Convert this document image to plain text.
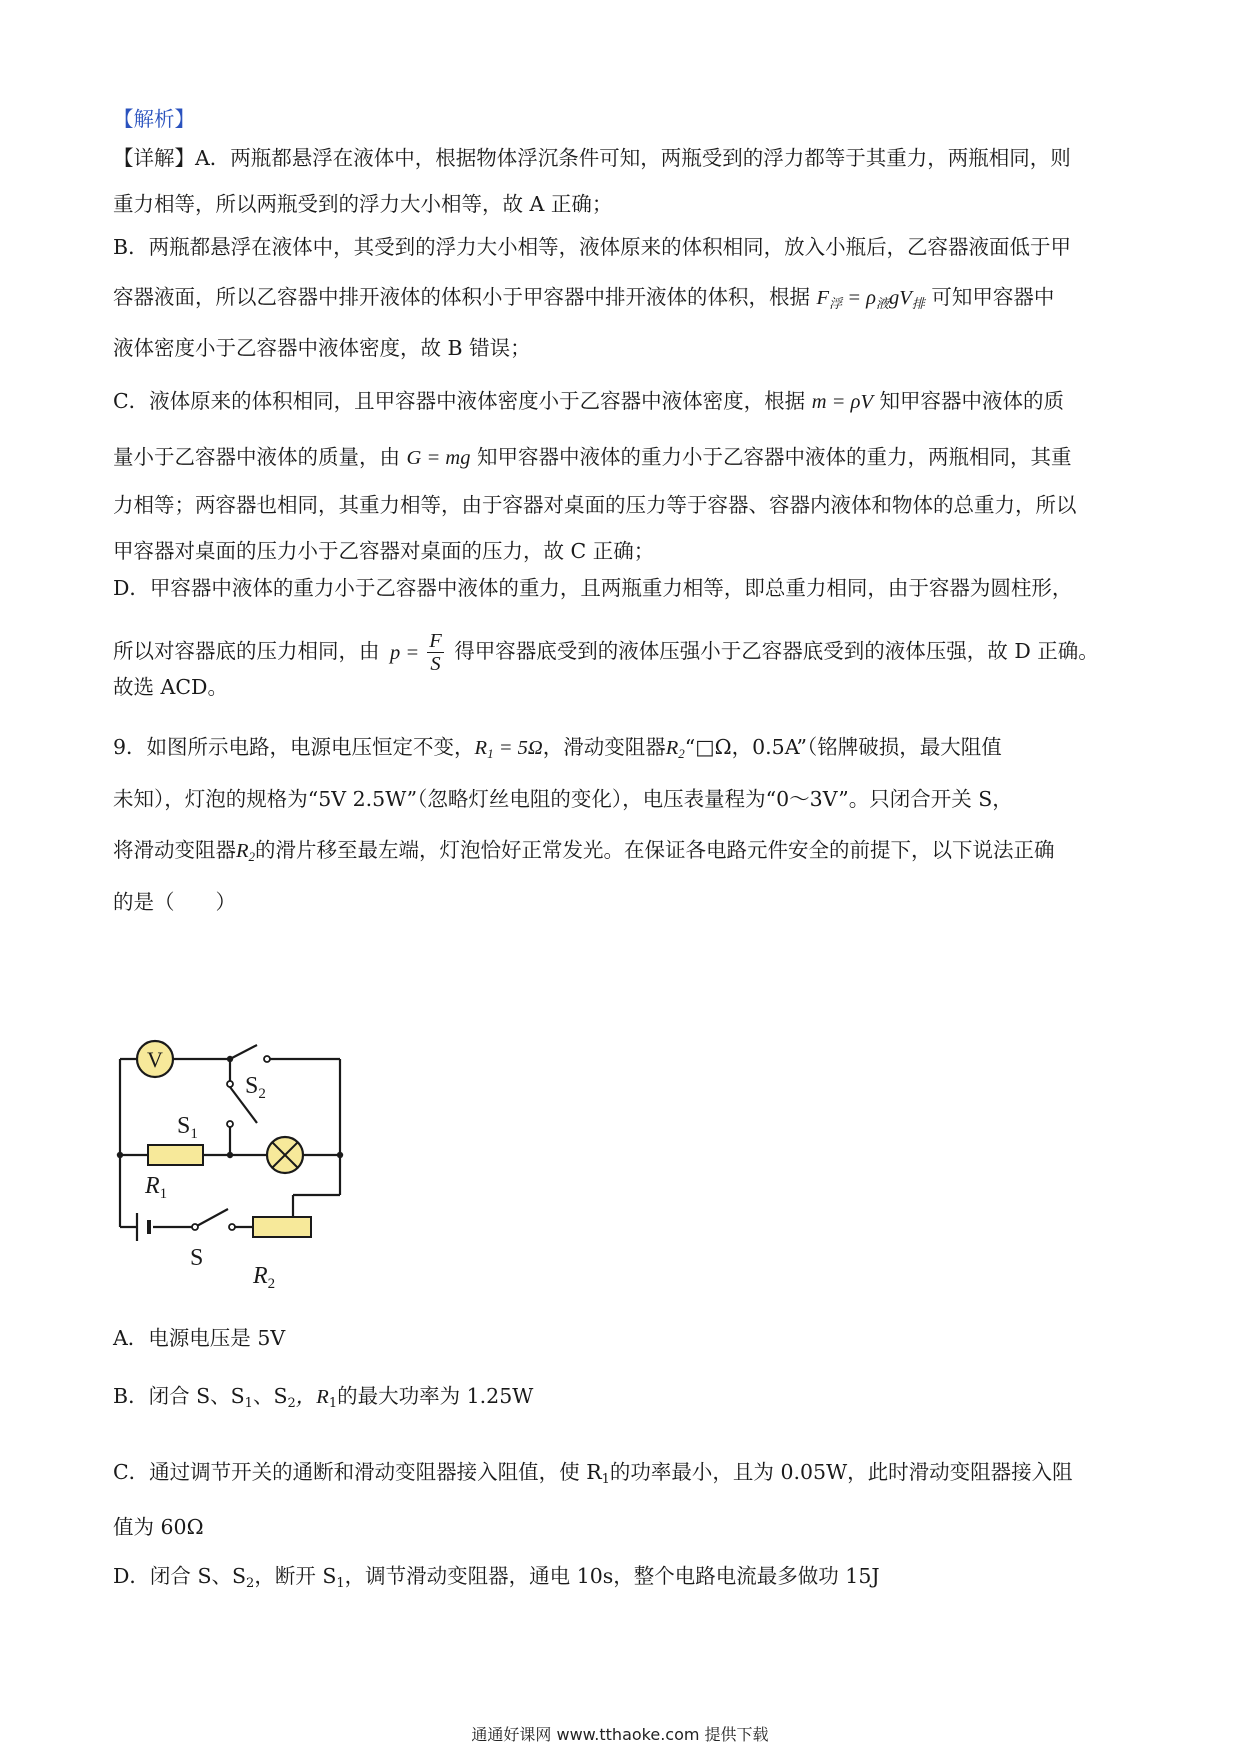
【解析】
【详解】A．两瓶都悬浮在液体中，根据物体浮沉条件可知，两瓶受到的浮力都等于其重力，两瓶相同，则
重力相等，所以两瓶受到的浮力大小相等，故 A 正确；
B．两瓶都悬浮在液体中，其受到的浮力大小相等，液体原来的体积相同，放入小瓶后，乙容器液面低于甲
容器液面，所以乙容器中排开液体的体积小于甲容器中排开液体的体积，根据 $F_浮 = \rho_液gV_排$ 可知甲容器中
液体密度小于乙容器中液体密度，故 B 错误；
C．液体原来的体积相同，且甲容器中液体密度小于乙容器中液体密度，根据 m = ρV 知甲容器中液体的质
量小于乙容器中液体的质量，由 G = mg 知甲容器中液体的重力小于乙容器中液体的重力，两瓶相同，其重
力相等；两容器也相同，其重力相等，由于容器对桌面的压力等于容器、容器内液体和物体的总重力，所以
甲容器对桌面的压力小于乙容器对桌面的压力，故 C 正确；
D．甲容器中液体的重力小于乙容器中液体的重力，且两瓶重力相等，即总重力相同，由于容器为圆柱形，
所以对容器底的压力相同，由 $p = \frac{F}{S}$ 得甲容器底受到的液体压强小于乙容器底受到的液体压强，故 D 正确。
故选 ACD。
9．如图所示电路，电源电压恒定不变，$R_1 = 5\Omega$，滑动变阻器$R_2“□\Omega$，0.5A”（铭牌破损，最大阻值
未知），灯泡的规格为“5V 2.5W”（忽略灯丝电阻的变化），电压表量程为“0～3V”。只闭合开关 S，
将滑动变阻器$R_2$的滑片移至最左端，灯泡恰好正常发光。在保证各电路元件安全的前提下，以下说法正确
的是（　　）
V
$S_2$
$S_1$
$R_1$
S
$R_2$
A．电源电压是 5V
B．闭合 S、$S_1$、$S_2$，$R_1$的最大功率为 1.25W
C．通过调节开关的通断和滑动变阻器接入阻值，使 $R_1$的功率最小，且为 0.05W，此时滑动变阻器接入阻
值为 60Ω
D．闭合 S、$S_2$，断开 $S_1$，调节滑动变阻器，通电 10s，整个电路电流最多做功 15J
通通好课网 www.tthaoke.com 提供下载
